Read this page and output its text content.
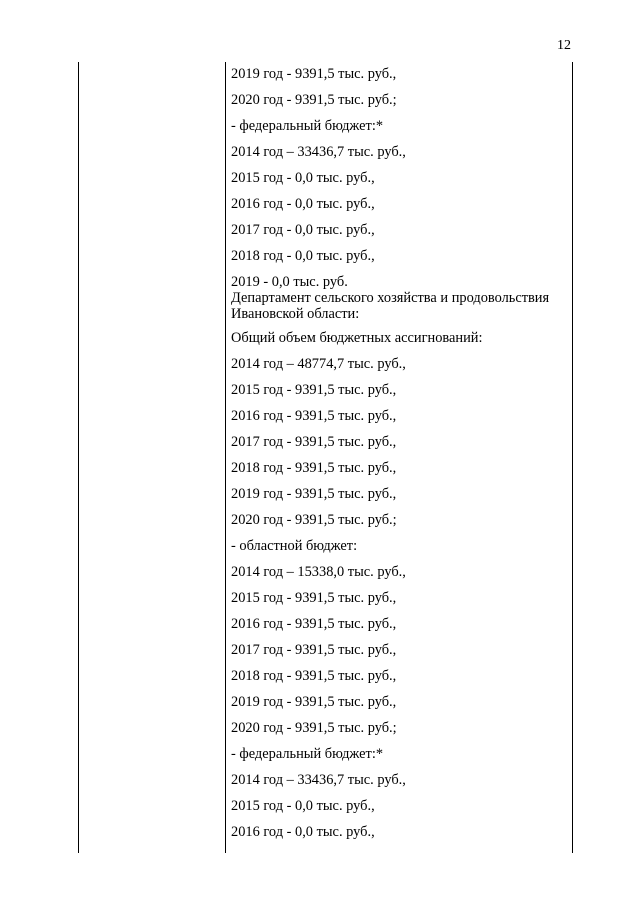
12
2019 год - 9391,5 тыс. руб.,
2020 год - 9391,5 тыс. руб.;
- федеральный бюджет:*
2014 год – 33436,7 тыс. руб.,
2015 год - 0,0 тыс. руб.,
2016 год - 0,0 тыс. руб.,
2017 год - 0,0 тыс. руб.,
2018 год - 0,0 тыс. руб.,
2019 - 0,0 тыс. руб.
Департамент сельского хозяйства и продовольствия Ивановской области:
Общий объем бюджетных ассигнований:
2014 год – 48774,7 тыс. руб.,
2015 год - 9391,5 тыс. руб.,
2016 год - 9391,5 тыс. руб.,
2017 год - 9391,5 тыс. руб.,
2018 год - 9391,5 тыс. руб.,
2019 год - 9391,5 тыс. руб.,
2020 год - 9391,5 тыс. руб.;
- областной бюджет:
2014 год – 15338,0 тыс. руб.,
2015 год - 9391,5 тыс. руб.,
2016 год - 9391,5 тыс. руб.,
2017 год - 9391,5 тыс. руб.,
2018 год - 9391,5 тыс. руб.,
2019 год - 9391,5 тыс. руб.,
2020 год - 9391,5 тыс. руб.;
- федеральный бюджет:*
2014 год – 33436,7 тыс. руб.,
2015 год - 0,0 тыс. руб.,
2016 год - 0,0 тыс. руб.,
